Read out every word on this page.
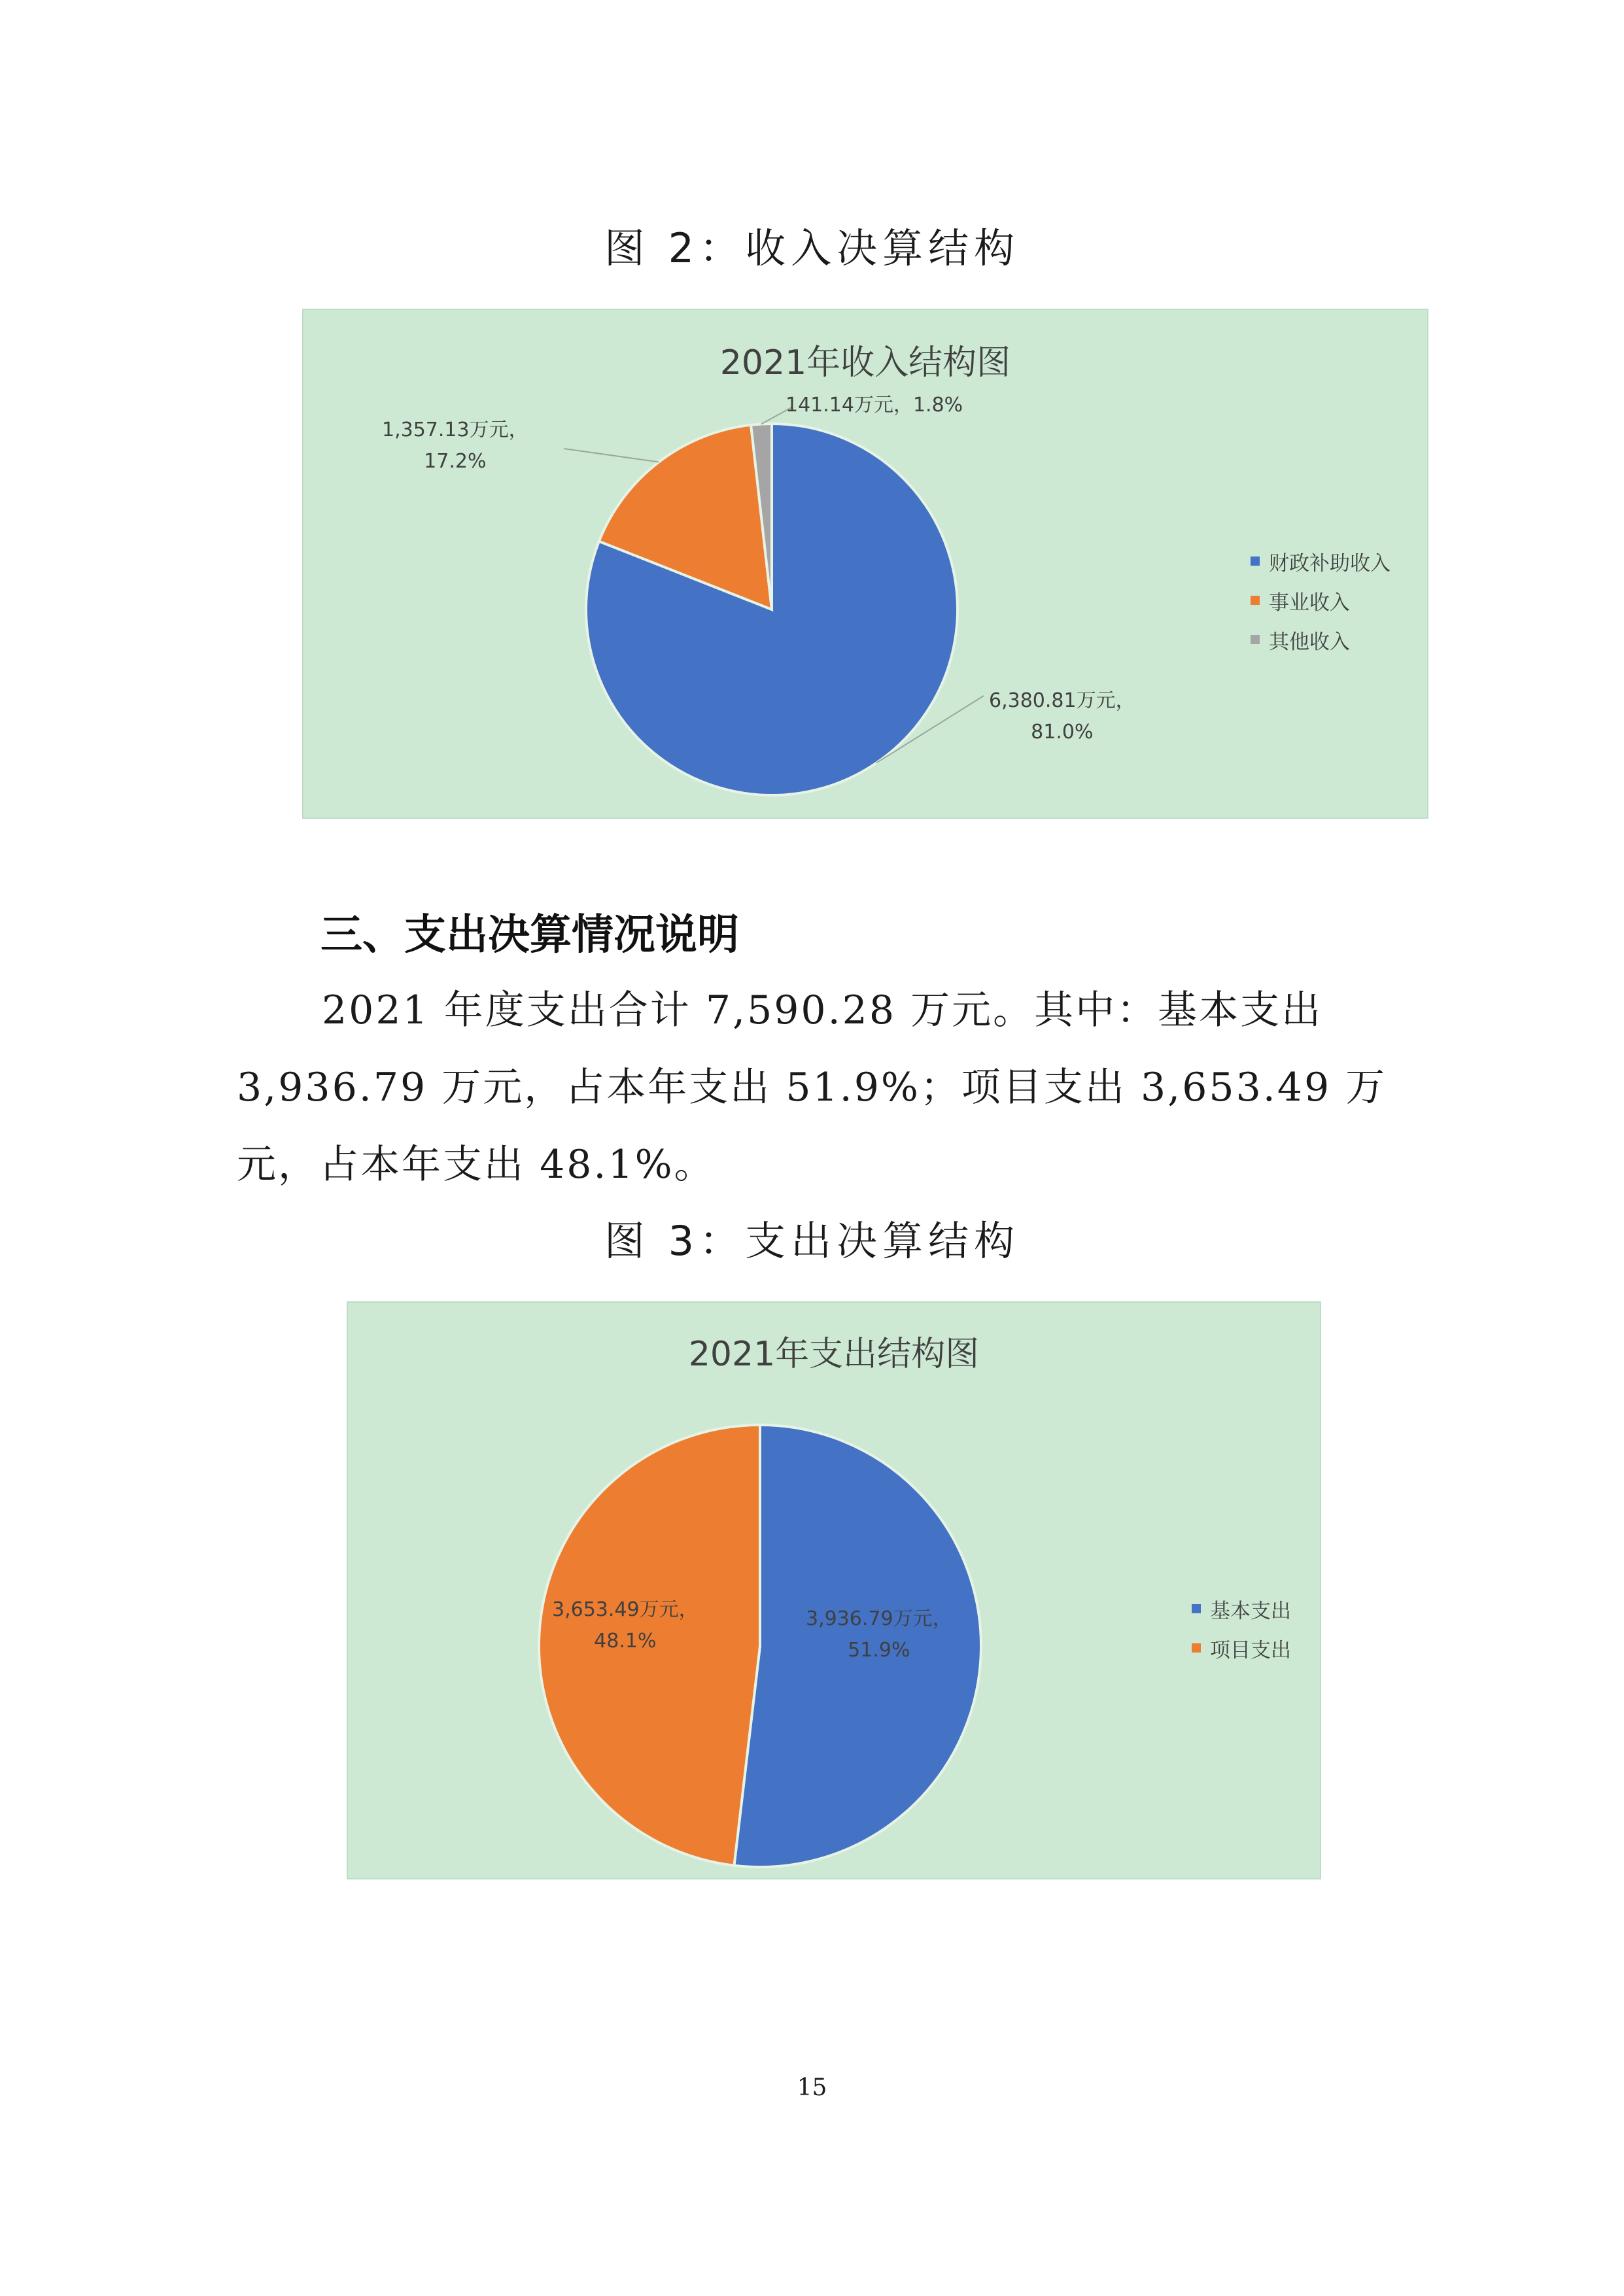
图 2：收入决算结构
2021年收入结构图
1,357.13万元，
17.2%
141.14万元，1.8%
6,380.81万元，
81.0%
财政补助收入
事业收入
其他收入
三、支出决算情况说明

2021 年度支出合计 7,590.28 万元。其中：基本支出

3,936.79 万元，占本年支出 51.9%；项目支出 3,653.49 万

元，占本年支出 48.1%。

图 3：支出决算结构
2021年支出结构图
3,653.49万元，
48.1%
3,936.79万元，
51.9%
基本支出
项目支出
15
